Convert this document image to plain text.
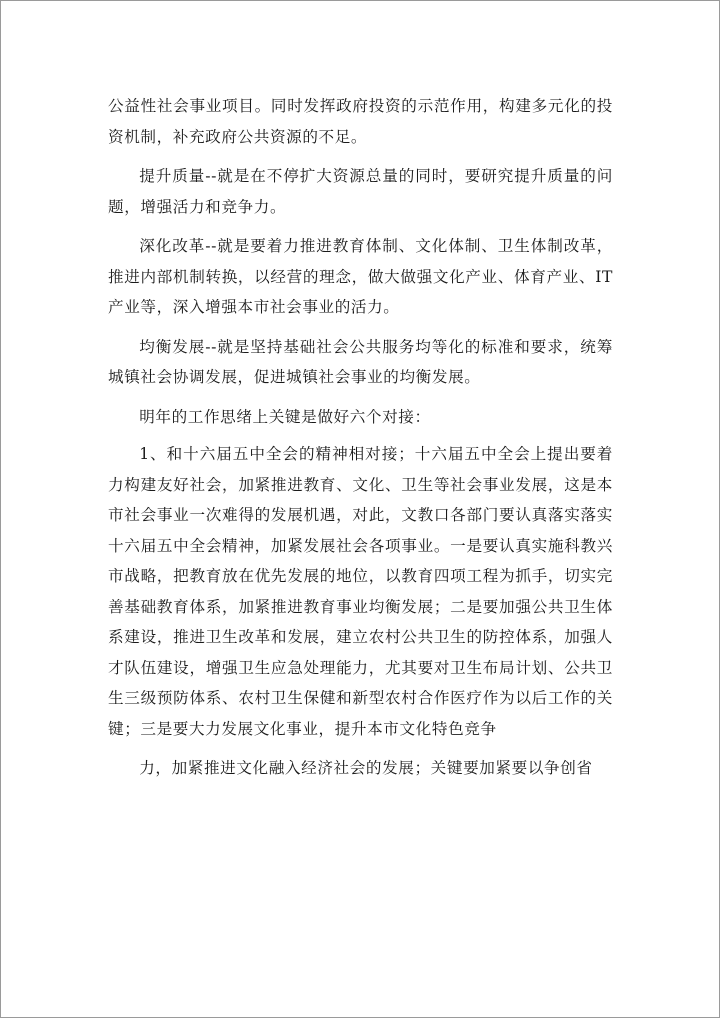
公益性社会事业项目。同时发挥政府投资的示范作用，构建多元化的投资机制，补充政府公共资源的不足。

提升质量--就是在不停扩大资源总量的同时，要研究提升质量的问题，增强活力和竞争力。

深化改革--就是要着力推进教育体制、文化体制、卫生体制改革，推进内部机制转换，以经营的理念，做大做强文化产业、体育产业、IT 产业等，深入增强本市社会事业的活力。

均衡发展--就是坚持基础社会公共服务均等化的标准和要求，统筹城镇社会协调发展，促进城镇社会事业的均衡发展。

明年的工作思绪上关键是做好六个对接：

1、和十六届五中全会的精神相对接；十六届五中全会上提出要着力构建友好社会，加紧推进教育、文化、卫生等社会事业发展，这是本市社会事业一次难得的发展机遇，对此，文教口各部门要认真落实落实十六届五中全会精神，加紧发展社会各项事业。一是要认真实施科教兴市战略，把教育放在优先发展的地位，以教育四项工程为抓手，切实完善基础教育体系，加紧推进教育事业均衡发展；二是要加强公共卫生体系建设，推进卫生改革和发展，建立农村公共卫生的防控体系，加强人才队伍建设，增强卫生应急处理能力，尤其要对卫生布局计划、公共卫生三级预防体系、农村卫生保健和新型农村合作医疗作为以后工作的关键；三是要大力发展文化事业，提升本市文化特色竞争

力，加紧推进文化融入经济社会的发展；关键要加紧要以争创省
